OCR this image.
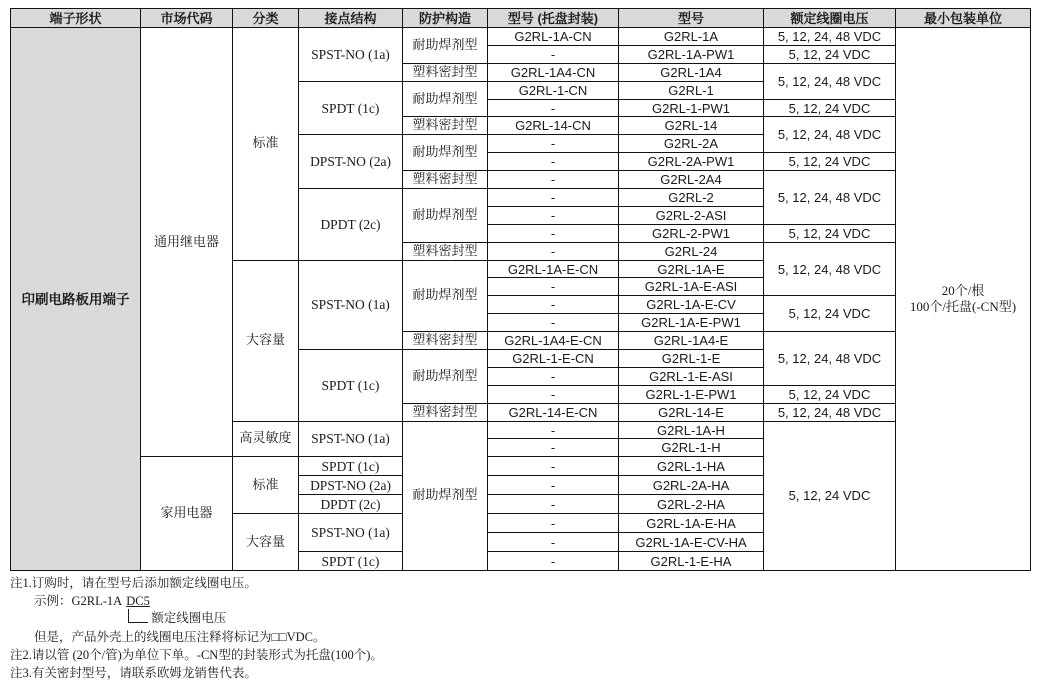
端子形状	市场代码	分类	接点结构	防护构造	型号 (托盘封装)	型号	额定线圈电压	最小包装单位
印刷电路板用端子	通用继电器	标准	SPST-NO (1a)	耐助焊剂型	G2RL-1A-CN	G2RL-1A	5, 12, 24, 48 VDC	20个/根
100个/托盘(-CN型)

					-	G2RL-1A-PW1	5, 12, 24 VDC	
				塑料密封型	G2RL-1A4-CN	G2RL-1A4	5, 12, 24, 48 VDC	
			SPDT (1c)	耐助焊剂型	G2RL-1-CN	G2RL-1		
					-	G2RL-1-PW1	5, 12, 24 VDC	
				塑料密封型	G2RL-14-CN	G2RL-14	5, 12, 24, 48 VDC	
			DPST-NO (2a)	耐助焊剂型	-	G2RL-2A		
					-	G2RL-2A-PW1	5, 12, 24 VDC	
				塑料密封型	-	G2RL-2A4	5, 12, 24, 48 VDC	
			DPDT (2c)	耐助焊剂型	-	G2RL-2		
					-	G2RL-2-ASI		
					-	G2RL-2-PW1	5, 12, 24 VDC	
				塑料密封型	-	G2RL-24	5, 12, 24, 48 VDC	
		大容量	SPST-NO (1a)	耐助焊剂型	G2RL-1A-E-CN	G2RL-1A-E		
					-	G2RL-1A-E-ASI		
					-	G2RL-1A-E-CV	5, 12, 24 VDC	
					-	G2RL-1A-E-PW1		
				塑料密封型	G2RL-1A4-E-CN	G2RL-1A4-E	5, 12, 24, 48 VDC	
			SPDT (1c)	耐助焊剂型	G2RL-1-E-CN	G2RL-1-E		
					-	G2RL-1-E-ASI		
					-	G2RL-1-E-PW1	5, 12, 24 VDC	
				塑料密封型	G2RL-14-E-CN	G2RL-14-E	5, 12, 24, 48 VDC	
		高灵敏度	SPST-NO (1a)	耐助焊剂型	-	G2RL-1A-H	5, 12, 24 VDC	
					-	G2RL-1-H		
	家用电器	标准	SPDT (1c)		-	G2RL-1-HA		
			DPST-NO (2a)		-	G2RL-2A-HA		
			DPDT (2c)		-	G2RL-2-HA		
		大容量	SPST-NO (1a)		-	G2RL-1A-E-HA		
					-	G2RL-1A-E-CV-HA		
			SPDT (1c)		-	G2RL-1-E-HA		
注1.订购时，请在型号后添加额定线圈电压。
示例：G2RL-1A DC5
额定线圈电压
但是，产品外壳上的线圈电压注释将标记为□□VDC。
注2.请以管 (20个/管)为单位下单。-CN型的封装形式为托盘(100个)。
注3.有关密封型号，请联系欧姆龙销售代表。
